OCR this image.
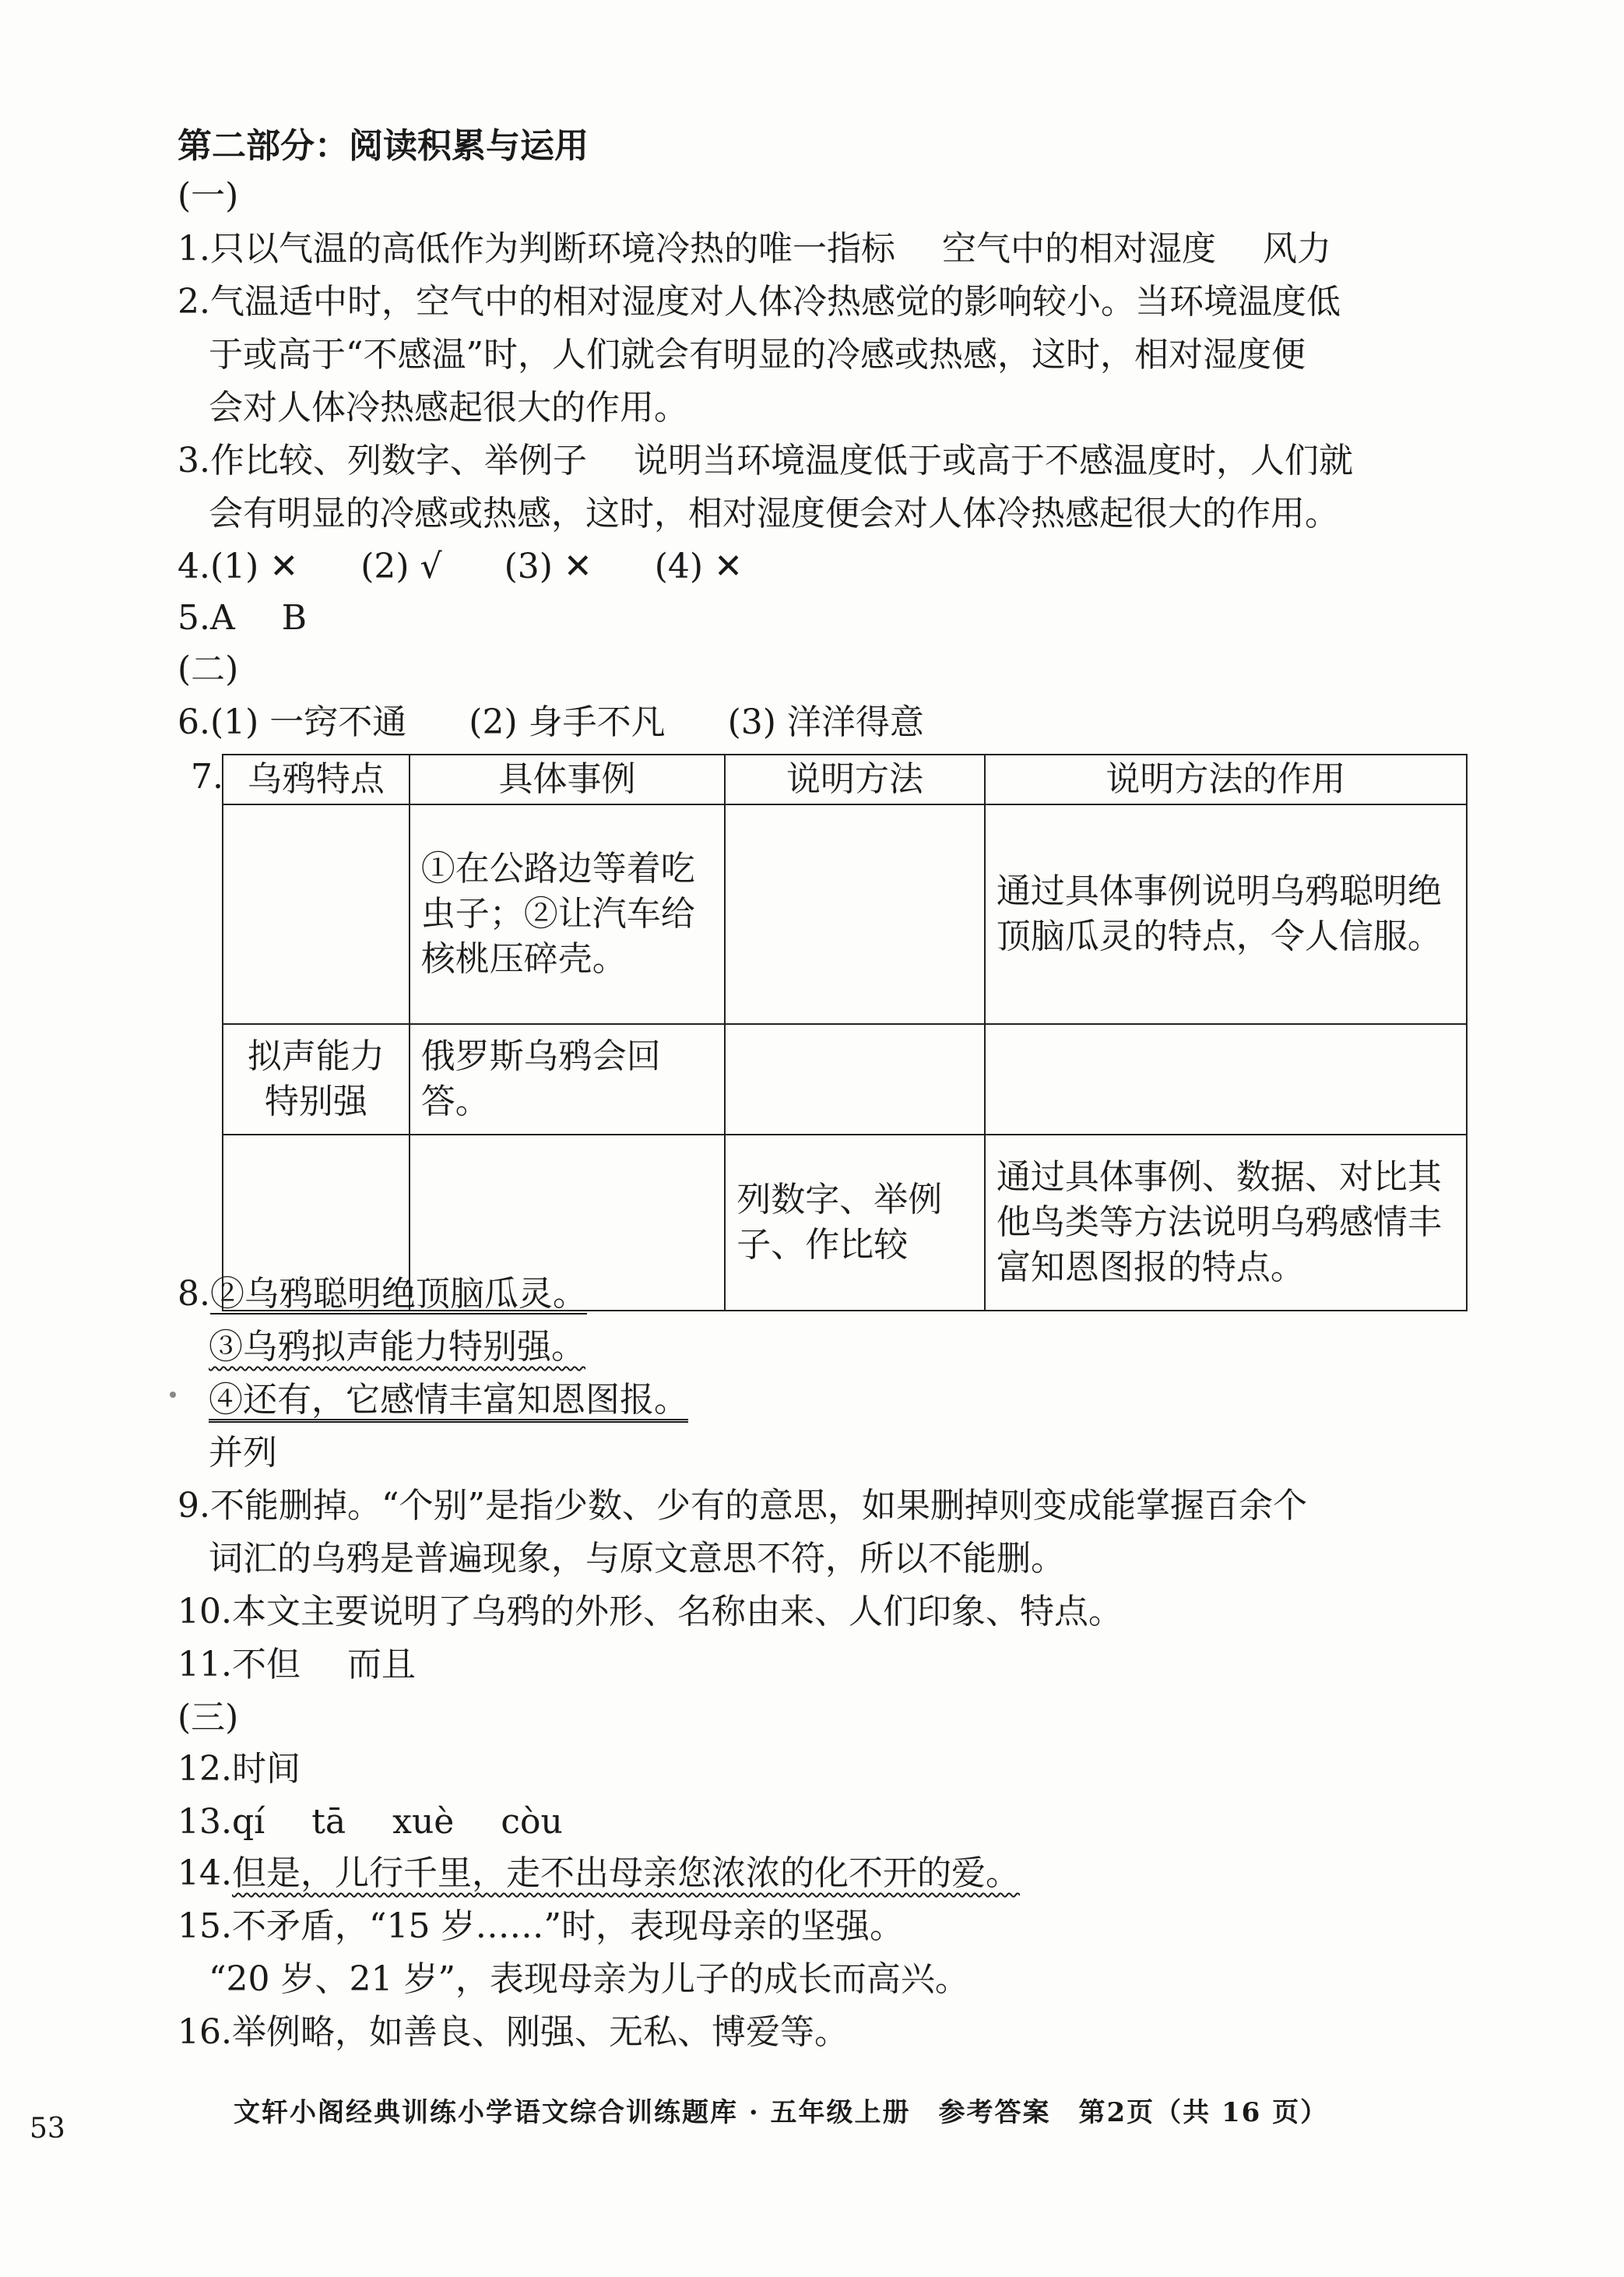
第二部分：阅读积累与运用
(一)
1.只以气温的高低作为判断环境冷热的唯一指标 空气中的相对湿度 风力
2.气温适中时，空气中的相对湿度对人体冷热感觉的影响较小。当环境温度低
于或高于“不感温”时，人们就会有明显的冷感或热感，这时，相对湿度便
会对人体冷热感起很大的作用。
3.作比较、列数字、举例子 说明当环境温度低于或高于不感温度时，人们就
会有明显的冷感或热感，这时，相对湿度便会对人体冷热感起很大的作用。
4.(1) ✕ (2) √ (3) ✕ (4) ✕
5.A B
(二)
6.(1) 一窍不通 (2) 身手不凡 (3) 洋洋得意
7. 乌鸦特点	具体事例	说明方法	说明方法的作用
	①在公路边等着吃虫子；②让汽车给核桃压碎壳。		通过具体事例说明乌鸦聪明绝顶脑瓜灵的特点，令人信服。
拟声能力特别强	俄罗斯乌鸦会回答。		
		列数字、举例子、作比较	通过具体事例、数据、对比其他鸟类等方法说明乌鸦感情丰富知恩图报的特点。
8.②乌鸦聪明绝顶脑瓜灵。
③乌鸦拟声能力特别强。
④还有，它感情丰富知恩图报。
并列
9.不能删掉。“个别”是指少数、少有的意思，如果删掉则变成能掌握百余个
词汇的乌鸦是普遍现象，与原文意思不符，所以不能删。
10.本文主要说明了乌鸦的外形、名称由来、人们印象、特点。
11.不但 而且
(三)
12.时间
13.qí tā xuè còu
14.但是，儿行千里，走不出母亲您浓浓的化不开的爱。
15.不矛盾，“15 岁……”时，表现母亲的坚强。
“20 岁、21 岁”，表现母亲为儿子的成长而高兴。
16.举例略，如善良、刚强、无私、博爱等。
53	文轩小阁经典训练小学语文综合训练题库 · 五年级上册　参考答案　第2页（共 16 页）
